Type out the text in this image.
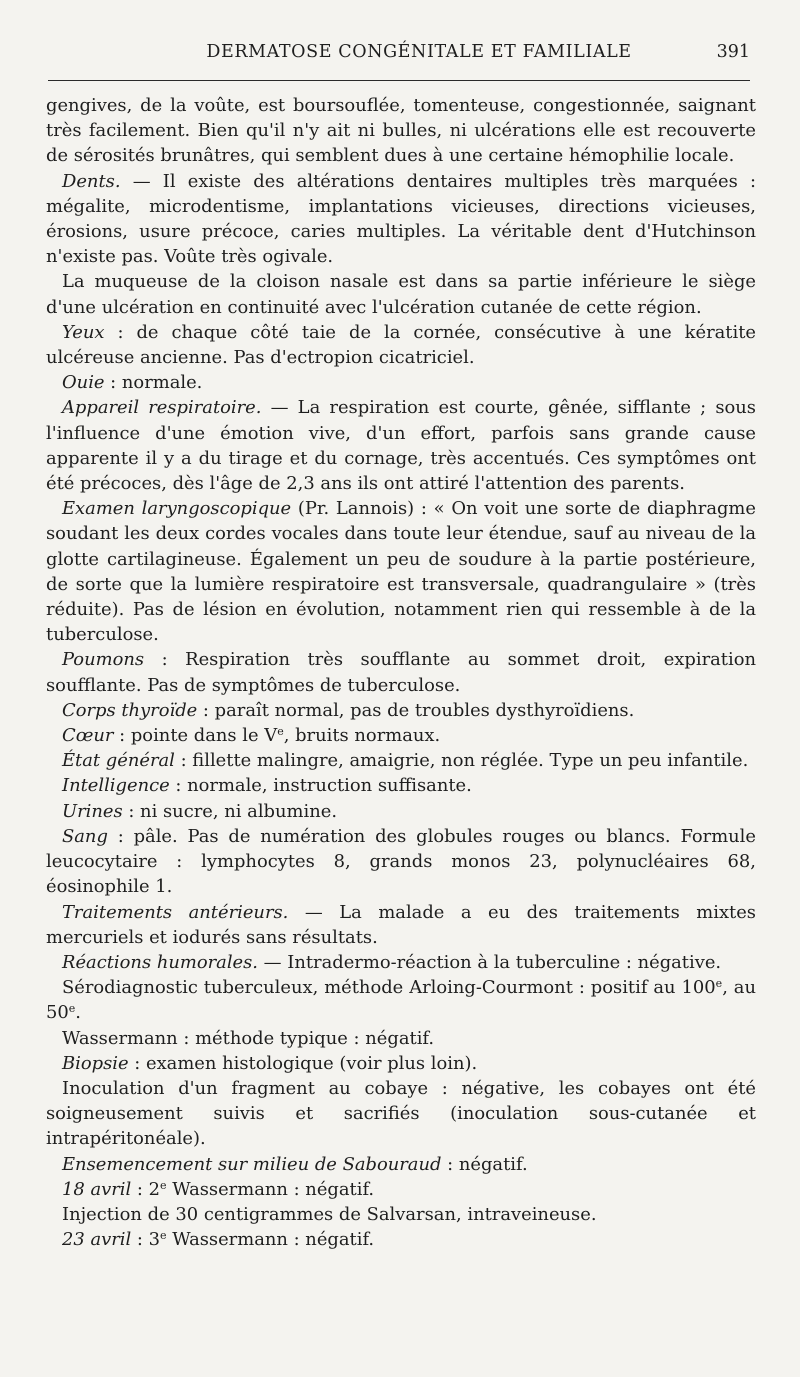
DERMATOSE CONGÉNITALE ET FAMILIALE	391

gengives, de la voûte, est boursouflée, tomenteuse, congestionnée, saignant très facilement. Bien qu'il n'y ait ni bulles, ni ulcérations elle est recouverte de sérosités brunâtres, qui semblent dues à une certaine hémophilie locale.

Dents. — Il existe des altérations dentaires multiples très marquées : mégalite, microdentisme, implantations vicieuses, directions vicieuses, érosions, usure précoce, caries multiples. La véritable dent d'Hutchinson n'existe pas. Voûte très ogivale.

La muqueuse de la cloison nasale est dans sa partie inférieure le siège d'une ulcération en continuité avec l'ulcération cutanée de cette région.

Yeux : de chaque côté taie de la cornée, consécutive à une kératite ulcéreuse ancienne. Pas d'ectropion cicatriciel.

Ouie : normale.

Appareil respiratoire. — La respiration est courte, gênée, sifflante ; sous l'influence d'une émotion vive, d'un effort, parfois sans grande cause apparente il y a du tirage et du cornage, très accentués. Ces symptômes ont été précoces, dès l'âge de 2,3 ans ils ont attiré l'attention des parents.

Examen laryngoscopique (Pr. Lannois) : « On voit une sorte de diaphragme soudant les deux cordes vocales dans toute leur étendue, sauf au niveau de la glotte cartilagineuse. Également un peu de soudure à la partie postérieure, de sorte que la lumière respiratoire est transversale, quadrangulaire » (très réduite). Pas de lésion en évolution, notamment rien qui ressemble à de la tuberculose.

Poumons : Respiration très soufflante au sommet droit, expiration soufflante. Pas de symptômes de tuberculose.

Corps thyroïde : paraît normal, pas de troubles dysthyroïdiens.

Cœur : pointe dans le Ve, bruits normaux.

État général : fillette malingre, amaigrie, non réglée. Type un peu infantile.

Intelligence : normale, instruction suffisante.

Urines : ni sucre, ni albumine.

Sang : pâle. Pas de numération des globules rouges ou blancs. Formule leucocytaire : lymphocytes 8, grands monos 23, polynucléaires 68, éosinophile 1.

Traitements antérieurs. — La malade a eu des traitements mixtes mercuriels et iodurés sans résultats.

Réactions humorales. — Intradermo-réaction à la tuberculine : négative.

Sérodiagnostic tuberculeux, méthode Arloing-Courmont : positif au 100e, au 50e.

Wassermann : méthode typique : négatif.

Biopsie : examen histologique (voir plus loin).

Inoculation d'un fragment au cobaye : négative, les cobayes ont été soigneusement suivis et sacrifiés (inoculation sous-cutanée et intrapéritonéale).

Ensemencement sur milieu de Sabouraud : négatif.

18 avril : 2e Wassermann : négatif.

Injection de 30 centigrammes de Salvarsan, intraveineuse.

23 avril : 3e Wassermann : négatif.
